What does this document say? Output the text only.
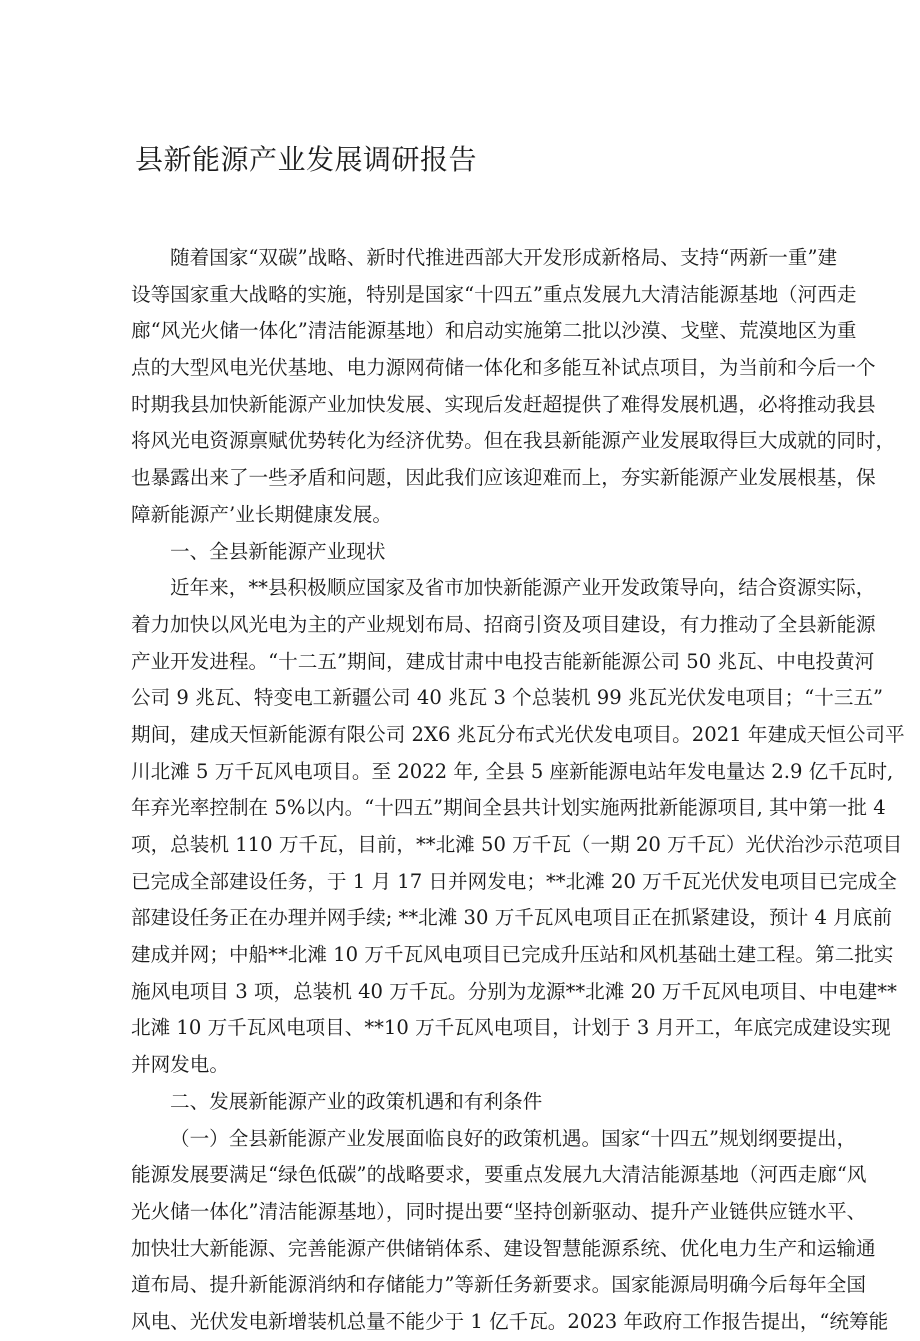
县新能源产业发展调研报告
随着国家“双碳”战略、新时代推进西部大开发形成新格局、支持“两新一重”建
设等国家重大战略的实施，特别是国家“十四五”重点发展九大清洁能源基地（河西走
廊“风光火储一体化”清洁能源基地）和启动实施第二批以沙漠、戈壁、荒漠地区为重
点的大型风电光伏基地、电力源网荷储一体化和多能互补试点项目，为当前和今后一个
时期我县加快新能源产业加快发展、实现后发赶超提供了难得发展机遇，必将推动我县
将风光电资源禀赋优势转化为经济优势。但在我县新能源产业发展取得巨大成就的同时，
也暴露出来了一些矛盾和问题，因此我们应该迎难而上，夯实新能源产业发展根基，保
障新能源产’业长期健康发展。
一、全县新能源产业现状
近年来，**县积极顺应国家及省市加快新能源产业开发政策导向，结合资源实际，
着力加快以风光电为主的产业规划布局、招商引资及项目建设，有力推动了全县新能源
产业开发进程。“十二五”期间，建成甘肃中电投吉能新能源公司 50 兆瓦、中电投黄河
公司 9 兆瓦、特变电工新疆公司 40 兆瓦 3 个总装机 99 兆瓦光伏发电项目；“十三五”
期间，建成天恒新能源有限公司 2X6 兆瓦分布式光伏发电项目。2021 年建成天恒公司平
川北滩 5 万千瓦风电项目。至 2022 年, 全县 5 座新能源电站年发电量达 2.9 亿千瓦时,
年弃光率控制在 5%以内。“十四五”期间全县共计划实施两批新能源项目, 其中第一批 4
项，总装机 110 万千瓦，目前，**北滩 50 万千瓦（一期 20 万千瓦）光伏治沙示范项目
已完成全部建设任务，于 1 月 17 日并网发电；**北滩 20 万千瓦光伏发电项目已完成全
部建设任务正在办理并网手续; **北滩 30 万千瓦风电项目正在抓紧建设，预计 4 月底前
建成并网；中船**北滩 10 万千瓦风电项目已完成升压站和风机基础土建工程。第二批实
施风电项目 3 项，总装机 40 万千瓦。分别为龙源**北滩 20 万千瓦风电项目、中电建**
北滩 10 万千瓦风电项目、**10 万千瓦风电项目，计划于 3 月开工，年底完成建设实现
并网发电。
二、发展新能源产业的政策机遇和有利条件
（一）全县新能源产业发展面临良好的政策机遇。国家“十四五”规划纲要提出，
能源发展要满足“绿色低碳”的战略要求，要重点发展九大清洁能源基地（河西走廊“风
光火储一体化”清洁能源基地），同时提出要“坚持创新驱动、提升产业链供应链水平、
加快壮大新能源、完善能源产供储销体系、建设智慧能源系统、优化电力生产和运输通
道布局、提升新能源消纳和存储能力”等新任务新要求。国家能源局明确今后每年全国
风电、光伏发电新增装机总量不能少于 1 亿千瓦。2023 年政府工作报告提出，“统筹能
